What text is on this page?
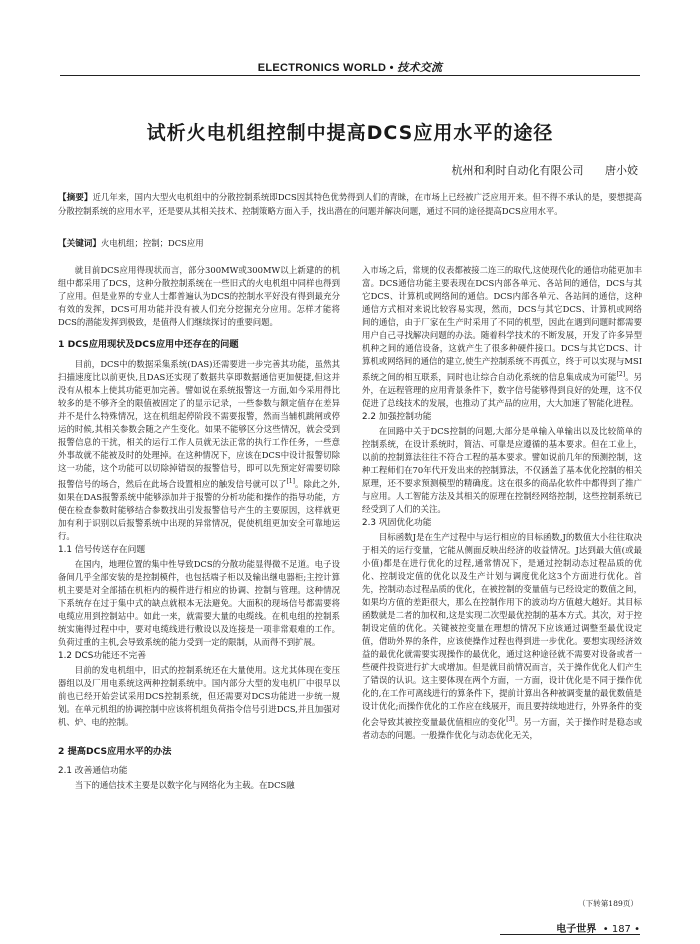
ELECTRONICS WORLD • 技术交流
试析火电机组控制中提高DCS应用水平的途径
杭州和利时自动化有限公司 唐小姣
【摘要】近几年来，国内大型火电机组中的分散控制系统即DCS因其特色优势得到人们的青睐，在市场上已经被广泛应用开来。但不得不承认的是，要想提高分散控制系统的应用水平，还是要从其相关技术、控制策略方面入手，找出潜在的问题并解决问题，通过不同的途径提高DCS应用水平。
【关键词】火电机组；控制；DCS应用

就目前DCS应用得现状而言，部分300MW或300MW以上新建的的机组中都采用了DCS，这种分散控制系统在一些旧式的火电机组中同样也得到了应用。但是业界的专业人士都普遍认为DCS的控制水平好没有得到最充分有效的发挥，DCS可用功能并没有被人们充分挖掘充分应用。怎样才能将DCS的潜能发挥到极致，是值得人们继续探讨的重要问题。

1 DCS应用现状及DCS应用中还存在的问题

目前，DCS中的数据采集系统(DAS)还需要进一步完善其功能，虽然其扫描速度比以前更快,且DAS还实现了数据共享即数据通信更加便捷,但这并没有从根本上使其功能更加完善。譬如说在系统报警这一方面,如今采用得比较多的是不够齐全的限值被固定了的显示记录，一些参数与额定值存在差异并不是什么特殊情况，这在机组起停阶段不需要报警，然而当辅机跳闸或停运的时候,其相关参数会随之产生变化。如果不能够区分这些情况，就会受到报警信息的干扰，相关的运行工作人员就无法正常的执行工作任务，一些意外事故就不能被及时的处理掉。在这种情况下，应该在DCS中设计报警切除这一功能，这个功能可以切除掉错误的报警信号，即可以先预定好需要切除报警信号的场合，然后在此场合设置相应的触发信号就可以了[1]。除此之外,如果在DAS报警系统中能够添加并于报警的分析功能和操作的指导功能，方便在检查参数时能够结合参数找出引发报警信号产生的主要原因，这样就更加有利于识别以后报警系统中出现的异常情况，促使机组更加安全可靠地运行。

1.1 信号传送存在问题

在国内，地理位置的集中性导致DCS的分散功能显得微不足道。电子设备间几乎全部安装的是控制模件，也包括端子柜以及输出继电器柜;主控计算机主要是对全部插在机柜内的模件进行相应的协调、控制与管理。这种情况下系统存在过于集中式的缺点就根本无法避免。大面积的现场信号都需要将电缆应用到控制站中。如此一来，就需要大量的电缆线。在机电组的控制系统实施得过程中中，要对电缆线进行敷设以及连接是一项非常艰难的工作。负荷过重的主机,会导致系统的能力受到一定的限制，从而得不到扩展。

1.2 DCS功能还不完善

目前的发电机组中，旧式的控制系统还在大量使用。这尤其体现在变压器组以及厂用电系统这两种控制系统中。国内部分大型的发电机厂中很早以前也已经开始尝试采用DCS控制系统，但还需要对DCS功能进一步统一规划。在单元机组的协调控制中应该将机组负荷指令信号引进DCS,并且加强对机、炉、电的控制。

2 提高DCS应用水平的办法
2.1 改善通信功能

当下的通信技术主要是以数字化与网络化为主载。在DCS融

入市场之后，常规的仪表都被接二连三的取代,这使现代化的通信功能更加丰富。DCS通信功能主要表现在DCS内部各单元、各站间的通信，DCS与其它DCS、计算机或网络间的通信。DCS内部各单元、各站间的通信，这种通信方式相对来说比较容易实现，然而，DCS与其它DCS、计算机或网络间的通信，由于厂家在生产时采用了不同的机型，因此在遇到问题时都需要用户自己寻找解决问题的办法。随着科学技术的不断发展，开发了许多异型机种之间的通信设备，这就产生了很多种硬件接口。DCS与其它DCS、计算机或网络间的通信的建立,使生产控制系统不再孤立，终于可以实现与MSI系统之间的相互联系，同时也让综合自动化系统的信息集成成为可能[2]。另外，在远程管理的应用背景条件下，数字信号能够得到良好的处理，这不仅促进了总线技术的发展，也推动了其产品的应用，大大加速了智能化进程。

2.2 加强控制功能

在回路中关于DCS控制的问题,大部分是单输入单输出以及比较简单的控制系统，在设计系统时，简洁、可靠是应遵循的基本要求。但在工业上，以前的控制算法往往不符合工程的基本要求。譬如说前几年的预测控制，这种工程师们在70年代开发出来的控制算法，不仅涵盖了基本优化控制的相关原理，还不要求预测模型的精确度。这在很多的商品化软件中都得到了推广与应用。人工智能方法及其相关的原理在控制经网络控制，这些控制系统已经受到了人们的关注。

2.3 巩固优化功能

目标函数J是在生产过程中与运行相应的目标函数,J的数值大小往往取决于相关的运行变量，它能从侧面反映出经济的收益情况。J达到最大值(或最小值)都是在进行优化的过程,通常情况下，是通过控制动态过程品质的优化、控制设定值的优化以及生产计划与调度优化这3个方面进行优化。首先，控制动态过程品质的优化，在被控制的变量值与已经设定的数值之间，如果均方值的差距很大，那么在控制作用下的波动均方值越大越好。其目标函数就是二者的加权和,这是实现二次型最优控制的基本方式。其次，对于控制设定值的优化。关键被控变量在理想的情况下应该通过调整至最优设定值，借助外界的条件，应该使操作过程也得到进一步优化。要想实现经济效益的最优化就需要实现操作的最优化，通过这种途径就不需要对设备或者一些硬件投资进行扩大或增加。但是就目前情况而言，关于操作优化人们产生了错误的认识。这主要体现在两个方面，一方面，设计优化是不同于操作优化的,在工作可离线进行的算条件下，提前计算出各种被调变量的最优数值是设计优化;而操作优化的工作应在线展开，而且要持续地进行，外界条件的变化会导致其被控变量最优值相应的变化[3]。另一方面，关于操作时是稳态或者动态的问题。一般操作优化与动态优化无关，

（下转第189页）
电子世界 • 187 •
